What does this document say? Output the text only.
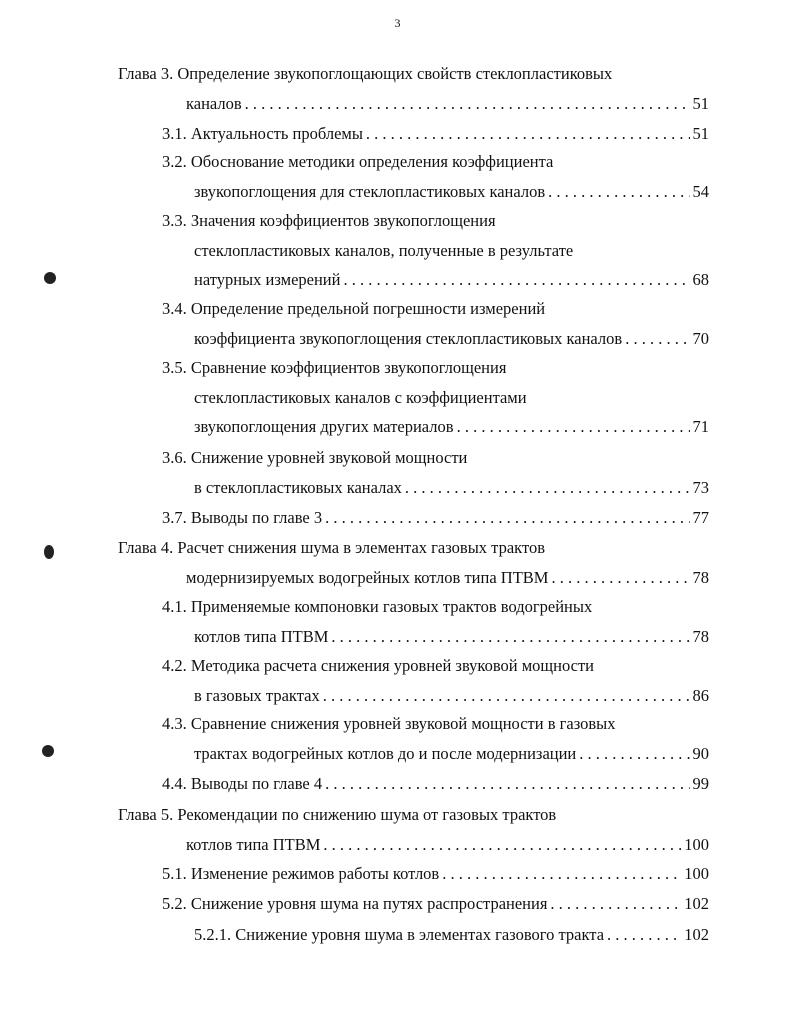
3
Глава 3. Определение звукопоглощающих свойств стеклопластиковых
каналов . . .	51
3.1. Актуальность проблемы . . .	51
3.2. Обоснование методики определения коэффициента
звукопоглощения для стеклопластиковых каналов . . .	54
3.3. Значения коэффициентов звукопоглощения
стеклопластиковых каналов, полученные в результате
натурных измерений . . .	68
3.4. Определение предельной погрешности измерений
коэффициента звукопоглощения стеклопластиковых каналов . . .	70
3.5. Сравнение коэффициентов звукопоглощения
стеклопластиковых каналов с коэффициентами
звукопоглощения других материалов . . .	71
3.6. Снижение уровней звуковой мощности
в стеклопластиковых каналах . . .	73
3.7. Выводы по главе 3 . . .	77
Глава 4. Расчет снижения шума в элементах газовых трактов
модернизируемых водогрейных котлов типа ПТВМ . . .	78
4.1. Применяемые компоновки газовых трактов водогрейных
котлов типа ПТВМ . . .	78
4.2. Методика расчета снижения уровней звуковой мощности
в газовых трактах . . .	86
4.3. Сравнение снижения уровней звуковой мощности в газовых
трактах водогрейных котлов до и после модернизации . . .	90
4.4. Выводы по главе 4 . . .	99
Глава 5. Рекомендации по снижению шума от газовых трактов
котлов типа ПТВМ . . .	100
5.1. Изменение режимов работы котлов . . .	100
5.2. Снижение уровня шума на путях распространения . . .	102
5.2.1. Снижение уровня шума в элементах газового тракта . . .	102
